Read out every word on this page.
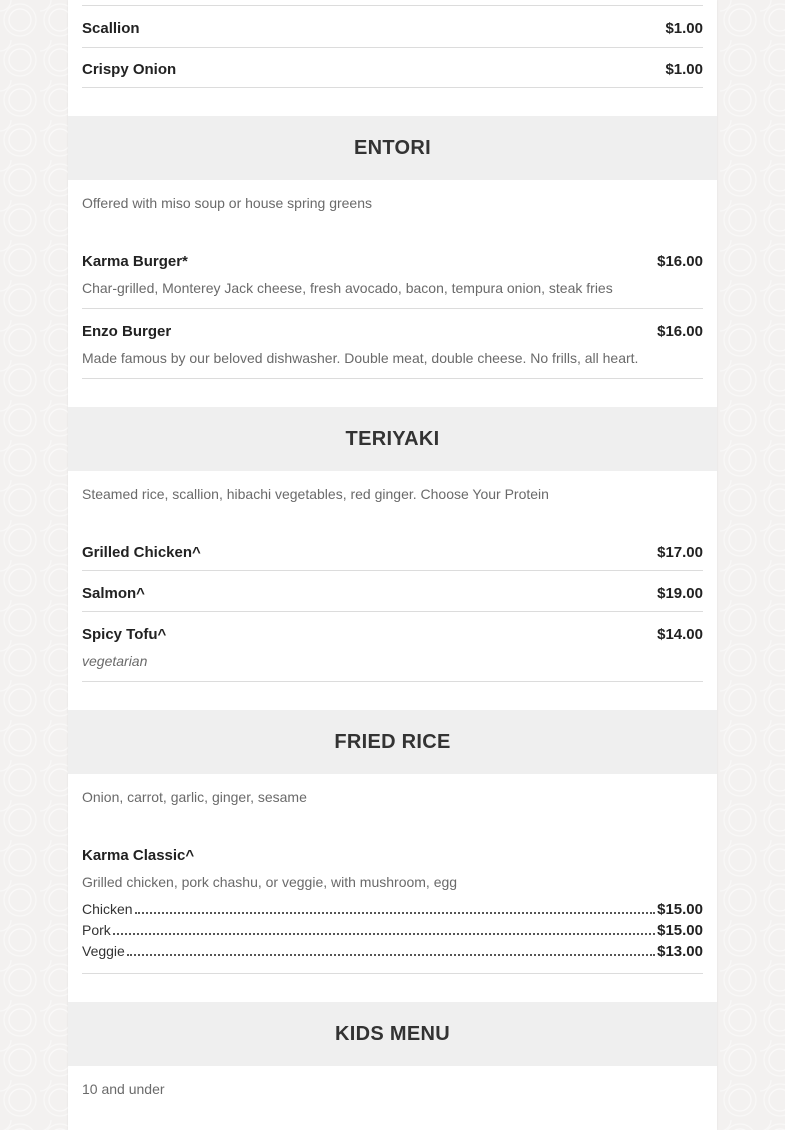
Scallion	$1.00
Crispy Onion	$1.00
ENTORI
Offered with miso soup or house spring greens
Karma Burger*	$16.00
Char-grilled, Monterey Jack cheese, fresh avocado, bacon, tempura onion, steak fries
Enzo Burger	$16.00
Made famous by our beloved dishwasher. Double meat, double cheese. No frills, all heart.
TERIYAKI
Steamed rice, scallion, hibachi vegetables, red ginger. Choose Your Protein
Grilled Chicken^	$17.00
Salmon^	$19.00
Spicy Tofu^	$14.00
vegetarian
FRIED RICE
Onion, carrot, garlic, ginger, sesame
Karma Classic^
Grilled chicken, pork chashu, or veggie, with mushroom, egg
Chicken	$15.00
Pork	$15.00
Veggie	$13.00
KIDS MENU
10 and under
